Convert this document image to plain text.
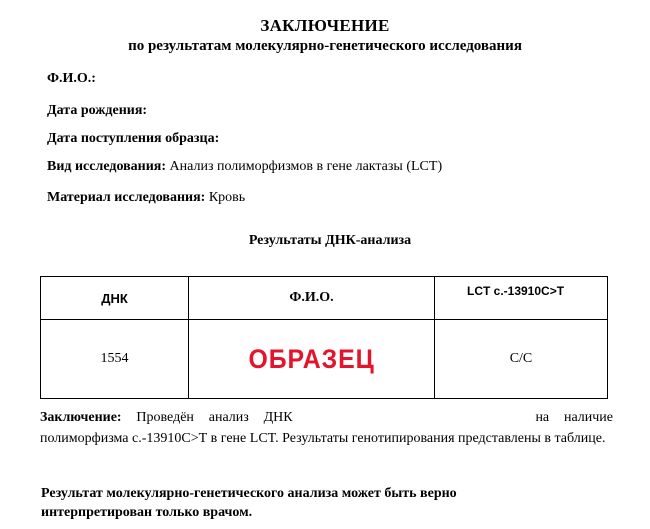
ЗАКЛЮЧЕНИЕ
по результатам молекулярно-генетического исследования
Ф.И.О.:
Дата рождения:
Дата поступления образца:
Вид исследования: Анализ полиморфизмов в гене лактазы (LCT)
Материал исследования: Кровь
Результаты ДНК-анализа
ДНК	Ф.И.О.	LCT с.-13910С>Т
1554	ОБРАЗЕЦ	С/С
Заключение: Проведён анализ ДНК	на наличие полиморфизма с.-13910С>Т в гене LCT. Результаты генотипирования представлены в таблице.
Результат молекулярно-генетического анализа может быть верно интерпретирован только врачом.
